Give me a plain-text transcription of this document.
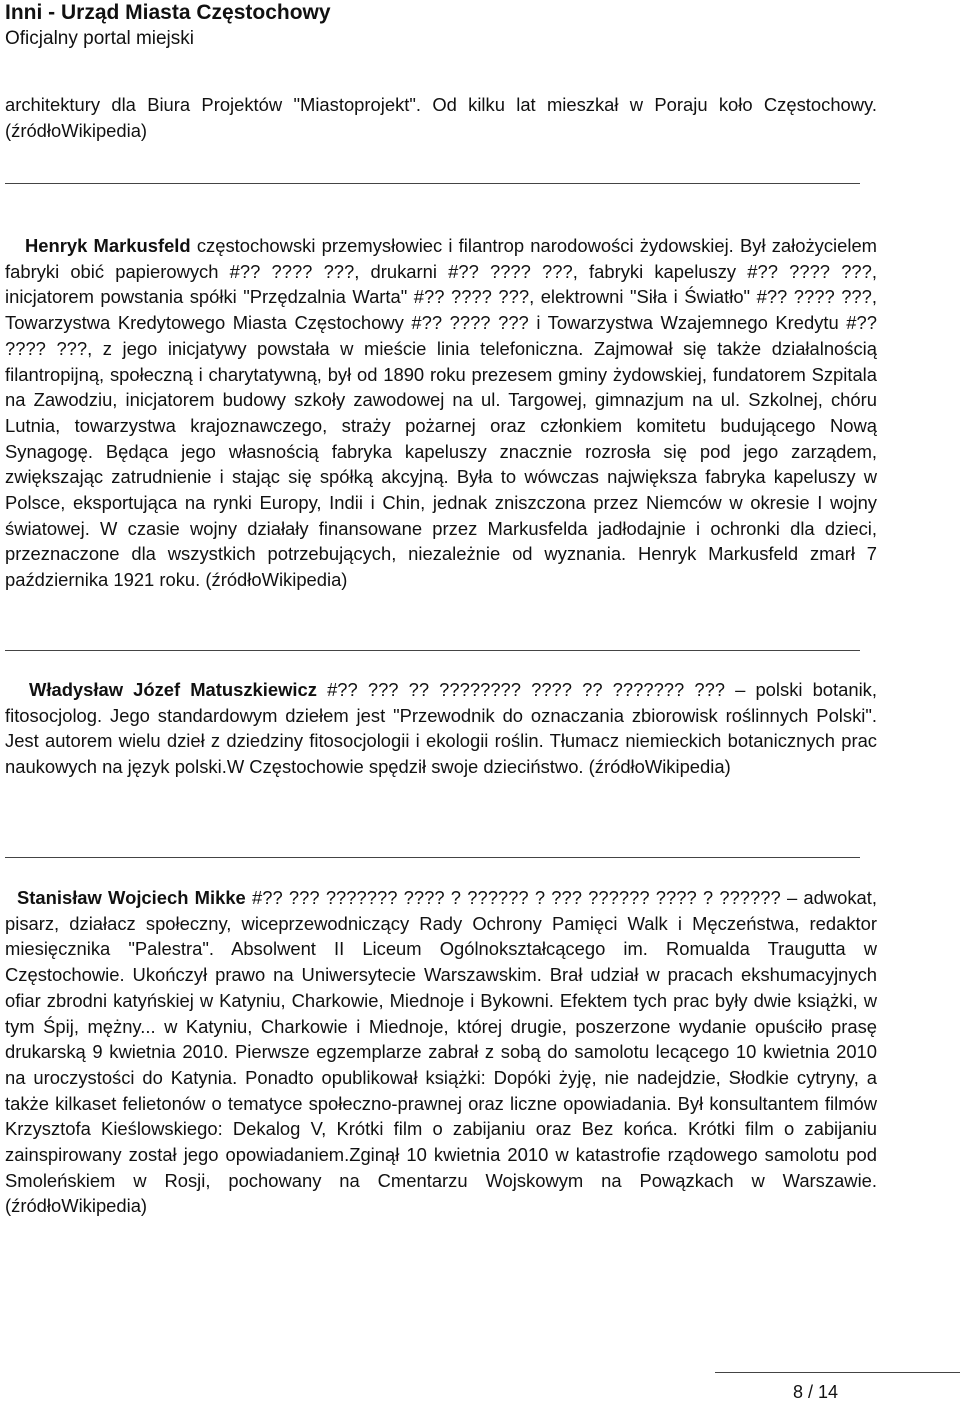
Inni - Urząd Miasta Częstochowy
Oficjalny portal miejski

architektury dla Biura Projektów "Miastoprojekt". Od kilku lat mieszkał w Poraju koło Częstochowy. (źródłoWikipedia)

Henryk Markusfeld częstochowski przemysłowiec i filantrop narodowości żydowskiej. Był założycielem fabryki obić papierowych #?? ???? ???, drukarni #?? ???? ???, fabryki kapeluszy #?? ???? ???, inicjatorem powstania spółki "Przędzalnia Warta" #?? ???? ???, elektrowni "Siła i Światło" #?? ???? ???, Towarzystwa Kredytowego Miasta Częstochowy #?? ???? ??? i Towarzystwa Wzajemnego Kredytu #?? ???? ???, z jego inicjatywy powstała w mieście linia telefoniczna. Zajmował się także działalnością filantropijną, społeczną i charytatywną, był od 1890 roku prezesem gminy żydowskiej, fundatorem Szpitala na Zawodziu, inicjatorem budowy szkoły zawodowej na ul. Targowej, gimnazjum na ul. Szkolnej, chóru Lutnia, towarzystwa krajoznawczego, straży pożarnej oraz członkiem komitetu budującego Nową Synagogę. Będąca jego własnością fabryka kapeluszy znacznie rozrosła się pod jego zarządem, zwiększając zatrudnienie i stając się spółką akcyjną. Była to wówczas największa fabryka kapeluszy w Polsce, eksportująca na rynki Europy, Indii i Chin, jednak zniszczona przez Niemców w okresie I wojny światowej. W czasie wojny działały finansowane przez Markusfelda jadłodajnie i ochronki dla dzieci, przeznaczone dla wszystkich potrzebujących, niezależnie od wyznania. Henryk Markusfeld zmarł 7 października 1921 roku. (źródłoWikipedia)

Władysław Józef Matuszkiewicz #?? ??? ?? ???????? ???? ?? ??????? ??? – polski botanik, fitosocjolog. Jego standardowym dziełem jest "Przewodnik do oznaczania zbiorowisk roślinnych Polski". Jest autorem wielu dzieł z dziedziny fitosocjologii i ekologii roślin. Tłumacz niemieckich botanicznych prac naukowych na język polski.W Częstochowie spędził swoje dzieciństwo. (źródłoWikipedia)

Stanisław Wojciech Mikke #?? ??? ??????? ???? ? ?????? ? ??? ?????? ???? ? ?????? – adwokat, pisarz, działacz społeczny, wiceprzewodniczący Rady Ochrony Pamięci Walk i Męczeństwa, redaktor miesięcznika "Palestra". Absolwent II Liceum Ogólnokształcącego im. Romualda Traugutta w Częstochowie. Ukończył prawo na Uniwersytecie Warszawskim. Brał udział w pracach ekshumacyjnych ofiar zbrodni katyńskiej w Katyniu, Charkowie, Miednoje i Bykowni. Efektem tych prac były dwie książki, w tym Śpij, mężny... w Katyniu, Charkowie i Miednoje, której drugie, poszerzone wydanie opuściło prasę drukarską 9 kwietnia 2010. Pierwsze egzemplarze zabrał z sobą do samolotu lecącego 10 kwietnia 2010 na uroczystości do Katynia. Ponadto opublikował książki: Dopóki żyję, nie nadejdzie, Słodkie cytryny, a także kilkaset felietonów o tematyce społeczno-prawnej oraz liczne opowiadania. Był konsultantem filmów Krzysztofa Kieślowskiego: Dekalog V, Krótki film o zabijaniu oraz Bez końca. Krótki film o zabijaniu zainspirowany został jego opowiadaniem.Zginął 10 kwietnia 2010 w katastrofie rządowego samolotu pod Smoleńskiem w Rosji, pochowany na Cmentarzu Wojskowym na Powązkach w Warszawie. (źródłoWikipedia)

8 / 14
